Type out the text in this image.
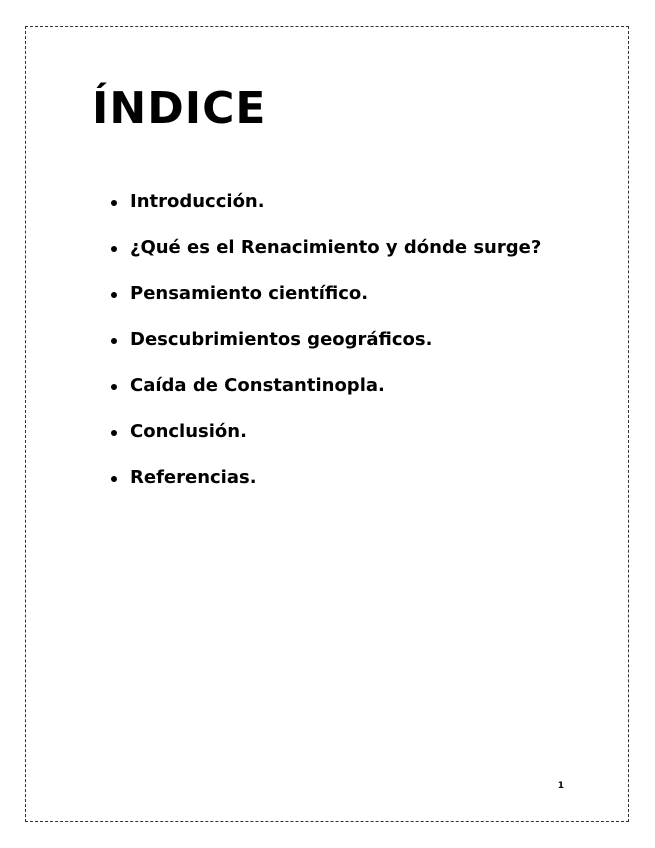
ÍNDICE
Introducción.
¿Qué es el Renacimiento y dónde surge?
Pensamiento científico.
Descubrimientos geográficos.
Caída de Constantinopla.
Conclusión.
Referencias.
1
